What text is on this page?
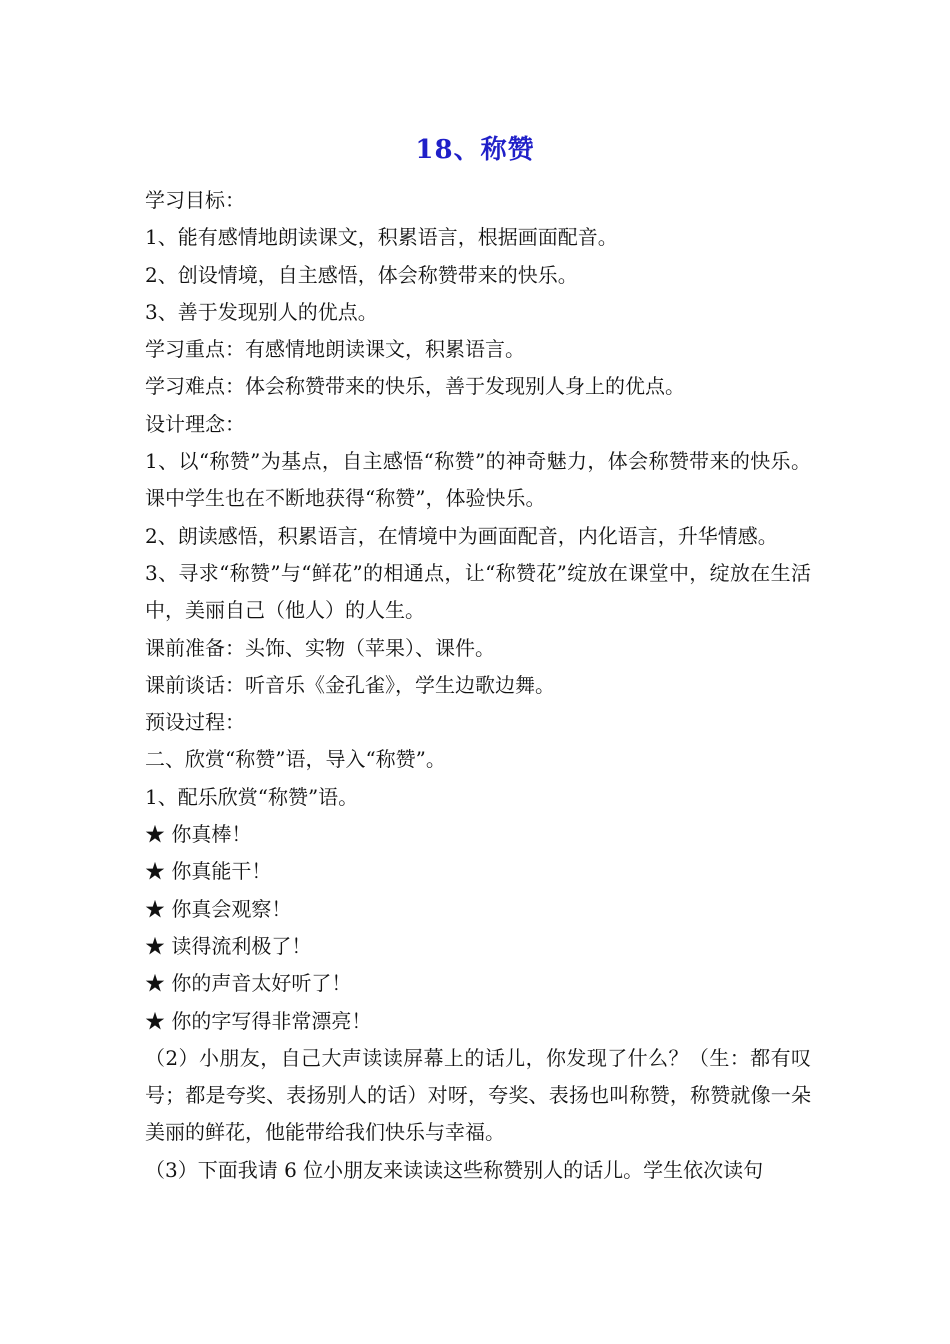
18、称赞
学习目标：
1、能有感情地朗读课文，积累语言，根据画面配音。
2、创设情境，自主感悟，体会称赞带来的快乐。
3、善于发现别人的优点。
学习重点：有感情地朗读课文，积累语言。
学习难点：体会称赞带来的快乐，善于发现别人身上的优点。
设计理念：
1、以“称赞”为基点，自主感悟“称赞”的神奇魅力，体会称赞带来的快乐。课中学生也在不断地获得“称赞”，体验快乐。
2、朗读感悟，积累语言，在情境中为画面配音，内化语言，升华情感。
3、寻求“称赞”与“鲜花”的相通点，让“称赞花”绽放在课堂中，绽放在生活中，美丽自己（他人）的人生。
课前准备：头饰、实物（苹果）、课件。
课前谈话：听音乐《金孔雀》，学生边歌边舞。
预设过程：
二、欣赏“称赞”语，导入“称赞”。
1、配乐欣赏“称赞”语。
★ 你真棒！
★ 你真能干！
★ 你真会观察！
★ 读得流利极了！
★ 你的声音太好听了！
★ 你的字写得非常漂亮！
（2）小朋友，自己大声读读屏幕上的话儿，你发现了什么？（生：都有叹号；都是夸奖、表扬别人的话）对呀，夸奖、表扬也叫称赞，称赞就像一朵美丽的鲜花，他能带给我们快乐与幸福。
（3）下面我请 6 位小朋友来读读这些称赞别人的话儿。学生依次读句
